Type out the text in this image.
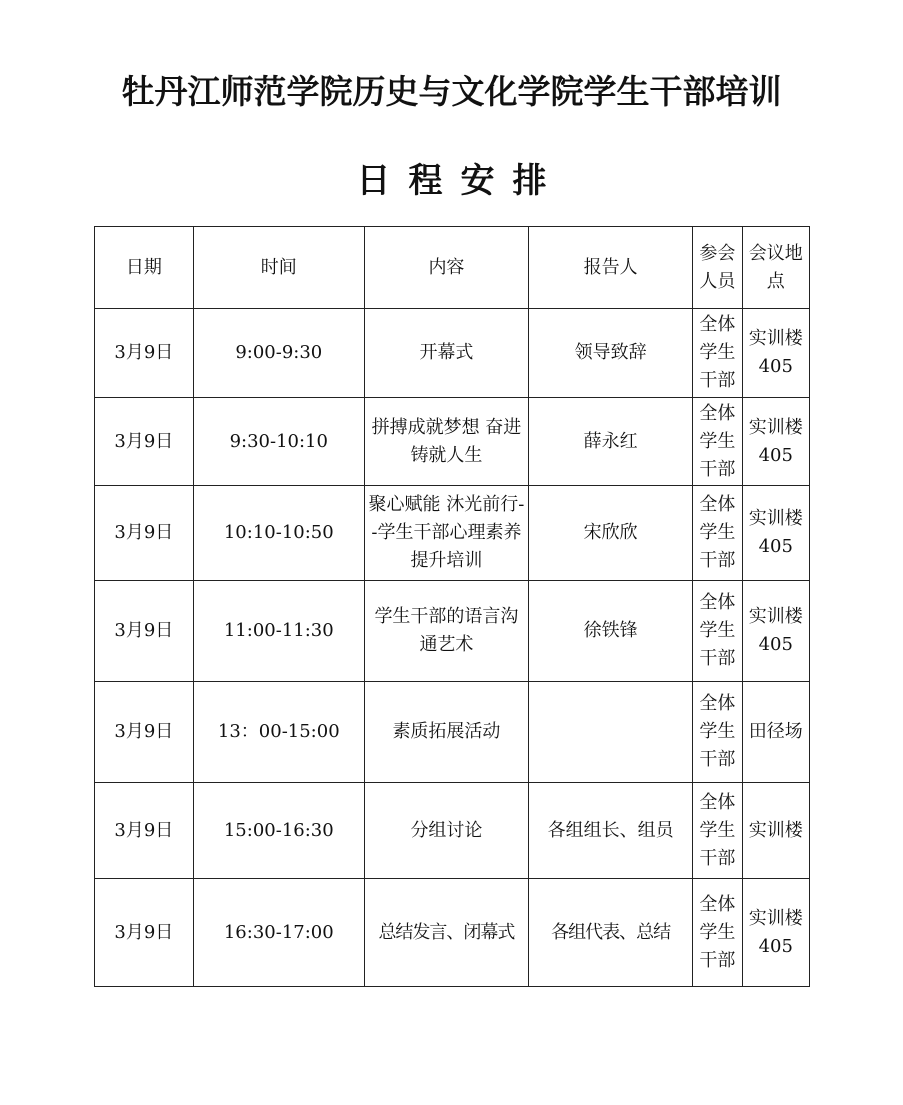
牡丹江师范学院历史与文化学院学生干部培训
日程安排
日期	时间	内容	报告人	参会人员	会议地点
3月9日	9:00-9:30	开幕式	领导致辞	全体学生干部	实训楼405
3月9日	9:30-10:10	拼搏成就梦想 奋进铸就人生	薛永红	全体学生干部	实训楼405
3月9日	10:10-10:50	聚心赋能 沐光前行--学生干部心理素养提升培训	宋欣欣	全体学生干部	实训楼405
3月9日	11:00-11:30	学生干部的语言沟通艺术	徐铁锋	全体学生干部	实训楼405
3月9日	13：00-15:00	素质拓展活动		全体学生干部	田径场
3月9日	15:00-16:30	分组讨论	各组组长、组员	全体学生干部	实训楼
3月9日	16:30-17:00	总结发言、闭幕式	各组代表、总结	全体学生干部	实训楼405
